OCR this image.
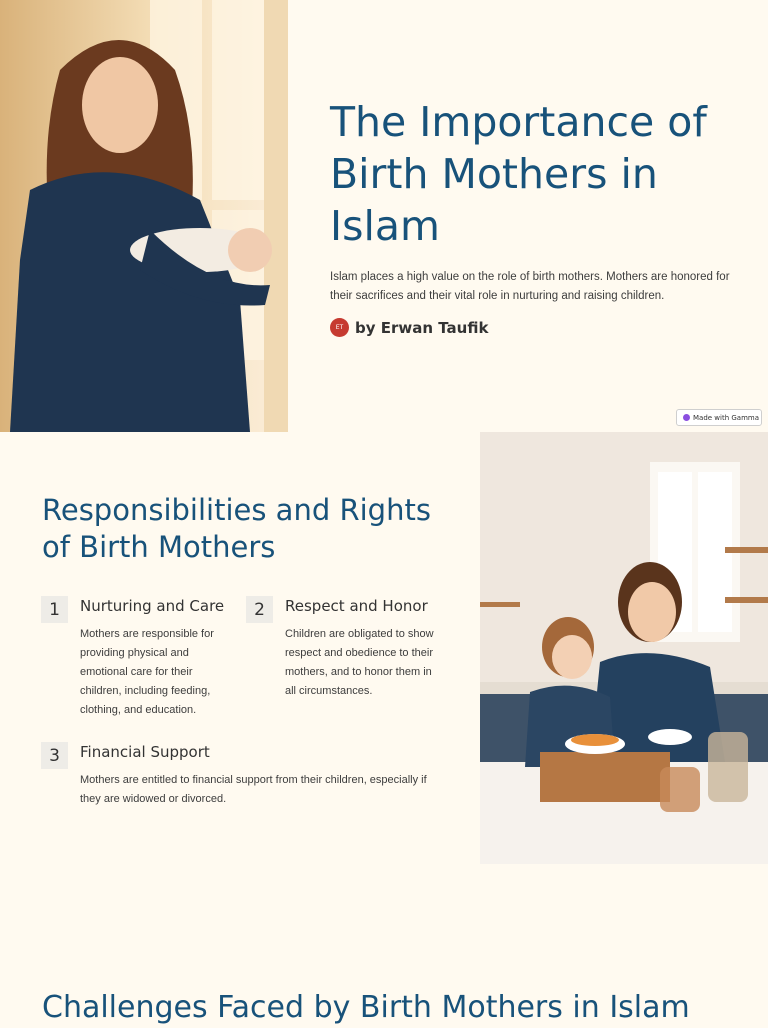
The Importance of Birth Mothers in Islam

Islam places a high value on the role of birth mothers. Mothers are honored for their sacrifices and their vital role in nurturing and raising children.

ET by Erwan Taufik
Made with Gamma
Responsibilities and Rights of Birth Mothers
1	Nurturing and Care

Mothers are responsible for providing physical and emotional care for their children, including feeding, clothing, and education.

2	Respect and Honor

Children are obligated to show respect and obedience to their mothers, and to honor them in all circumstances.

3	Financial Support

Mothers are entitled to financial support from their children, especially if they are widowed or divorced.

Challenges Faced by Birth Mothers in Islam
